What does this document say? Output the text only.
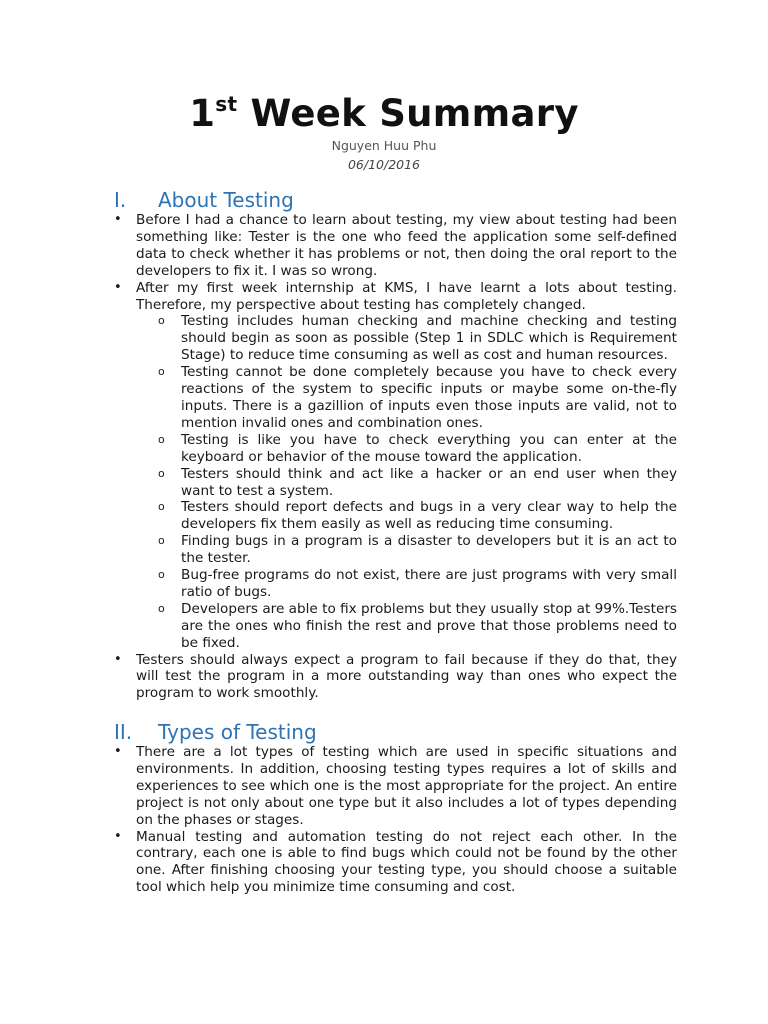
1st Week Summary
Nguyen Huu Phu
06/10/2016
I. About Testing
• Before I had a chance to learn about testing, my view about testing had been something like: Tester is the one who feed the application some self-defined data to check whether it has problems or not, then doing the oral report to the developers to fix it. I was so wrong.
• After my first week internship at KMS, I have learnt a lots about testing. Therefore, my perspective about testing has completely changed.
o Testing includes human checking and machine checking and testing should begin as soon as possible (Step 1 in SDLC which is Requirement Stage) to reduce time consuming as well as cost and human resources.
o Testing cannot be done completely because you have to check every reactions of the system to specific inputs or maybe some on-the-fly inputs. There is a gazillion of inputs even those inputs are valid, not to mention invalid ones and combination ones.
o Testing is like you have to check everything you can enter at the keyboard or behavior of the mouse toward the application.
o Testers should think and act like a hacker or an end user when they want to test a system.
o Testers should report defects and bugs in a very clear way to help the developers fix them easily as well as reducing time consuming.
o Finding bugs in a program is a disaster to developers but it is an act to the tester.
o Bug-free programs do not exist, there are just programs with very small ratio of bugs.
o Developers are able to fix problems but they usually stop at 99%.Testers are the ones who finish the rest and prove that those problems need to be fixed.
• Testers should always expect a program to fail because if they do that, they will test the program in a more outstanding way than ones who expect the program to work smoothly.
II. Types of Testing
• There are a lot types of testing which are used in specific situations and environments. In addition, choosing testing types requires a lot of skills and experiences to see which one is the most appropriate for the project. An entire project is not only about one type but it also includes a lot of types depending on the phases or stages.
• Manual testing and automation testing do not reject each other. In the contrary, each one is able to find bugs which could not be found by the other one. After finishing choosing your testing type, you should choose a suitable tool which help you minimize time consuming and cost.
